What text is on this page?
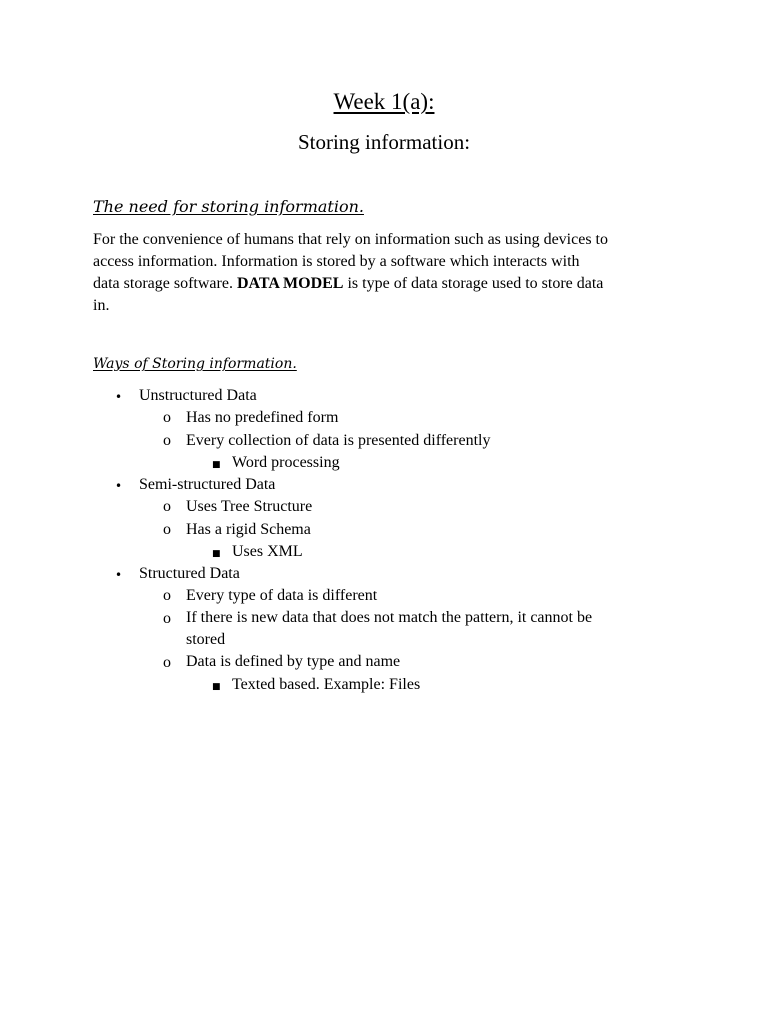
Week 1(a):
Storing information:
The need for storing information.
For the convenience of humans that rely on information such as using devices to
access information. Information is stored by a software which interacts with
data storage software. DATA MODEL is type of data storage used to store data
in.
Ways of Storing information.
• Unstructured Data
o Has no predefined form
o Every collection of data is presented differently
■ Word processing
• Semi-structured Data
o Uses Tree Structure
o Has a rigid Schema
■ Uses XML
• Structured Data
o Every type of data is different
o If there is new data that does not match the pattern, it cannot be
stored
o Data is defined by type and name
■ Texted based. Example: Files
